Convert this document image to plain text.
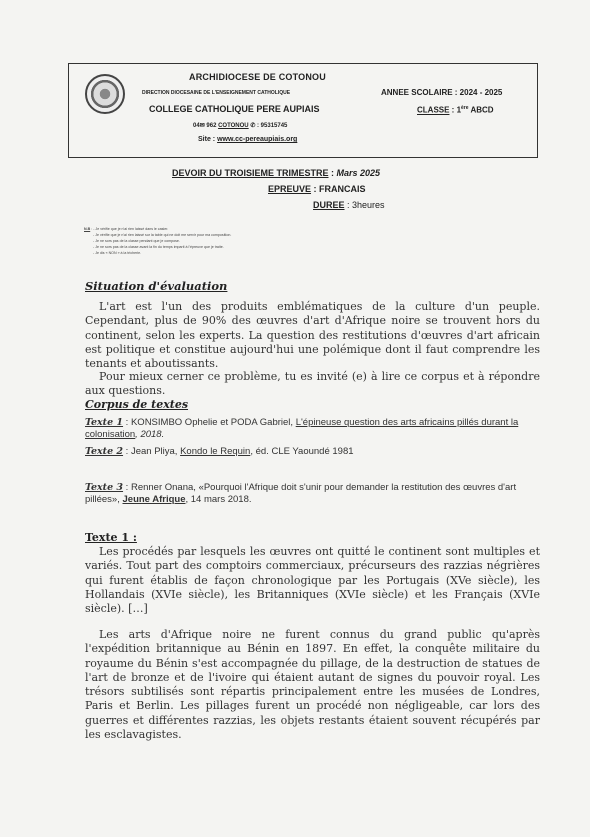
ARCHIDIOCESE DE COTONOU
DIRECTION DIOCESAINE DE L'ENSEIGNEMENT CATHOLIQUE
COLLEGE CATHOLIQUE PERE AUPIAIS
04✉ 962 COTONOU ✆ : 95315745
Site : www.cc-pereaupiais.org
ANNEE SCOLAIRE : 2024 - 2025
CLASSE : 1ère ABCD
DEVOIR DU TROISIEME TRIMESTRE : Mars 2025
EPREUVE : FRANCAIS
DUREE : 3heures
N.B : - Je vérifie que je n'ai rien laissé dans le casier.
- Je vérifie que je n'ai rien laissé sur la table qui ne doit me servir pour ma composition.
- Je ne sors pas de la classe pendant que je compose.
- Je ne sors pas de la classe avant la fin du temps imparti à l'épreuve que je traite.
- Je dis « NON » à la tricherie.
Situation d'évaluation
L'art est l'un des produits emblématiques de la culture d'un peuple. Cependant, plus de 90% des œuvres d'art d'Afrique noire se trouvent hors du continent, selon les experts. La question des restitutions d'œuvres d'art africain est politique et constitue aujourd'hui une polémique dont il faut comprendre les tenants et aboutissants.
Pour mieux cerner ce problème, tu es invité (e) à lire ce corpus et à répondre aux questions.
Corpus de textes
Texte 1 : KONSIMBO Ophelie et PODA Gabriel, L'épineuse question des arts africains pillés durant la colonisation, 2018.
Texte 2 : Jean Pliya, Kondo le Requin, éd. CLE Yaoundé 1981
Texte 3 : Renner Onana, «Pourquoi l'Afrique doit s'unir pour demander la restitution des œuvres d'art pillées», Jeune Afrique, 14 mars 2018.
Texte 1 :
Les procédés par lesquels les œuvres ont quitté le continent sont multiples et variés. Tout part des comptoirs commerciaux, précurseurs des razzias négrières qui furent établis de façon chronologique par les Portugais (XVe siècle), les Hollandais (XVIe siècle), les Britanniques (XVIe siècle) et les Français (XVIe siècle). […]
Les arts d'Afrique noire ne furent connus du grand public qu'après l'expédition britannique au Bénin en 1897. En effet, la conquête militaire du royaume du Bénin s'est accompagnée du pillage, de la destruction de statues de l'art de bronze et de l'ivoire qui étaient autant de signes du pouvoir royal. Les trésors subtilisés sont répartis principalement entre les musées de Londres, Paris et Berlin. Les pillages furent un procédé non négligeable, car lors des guerres et différentes razzias, les objets restants étaient souvent récupérés par les esclavagistes.
